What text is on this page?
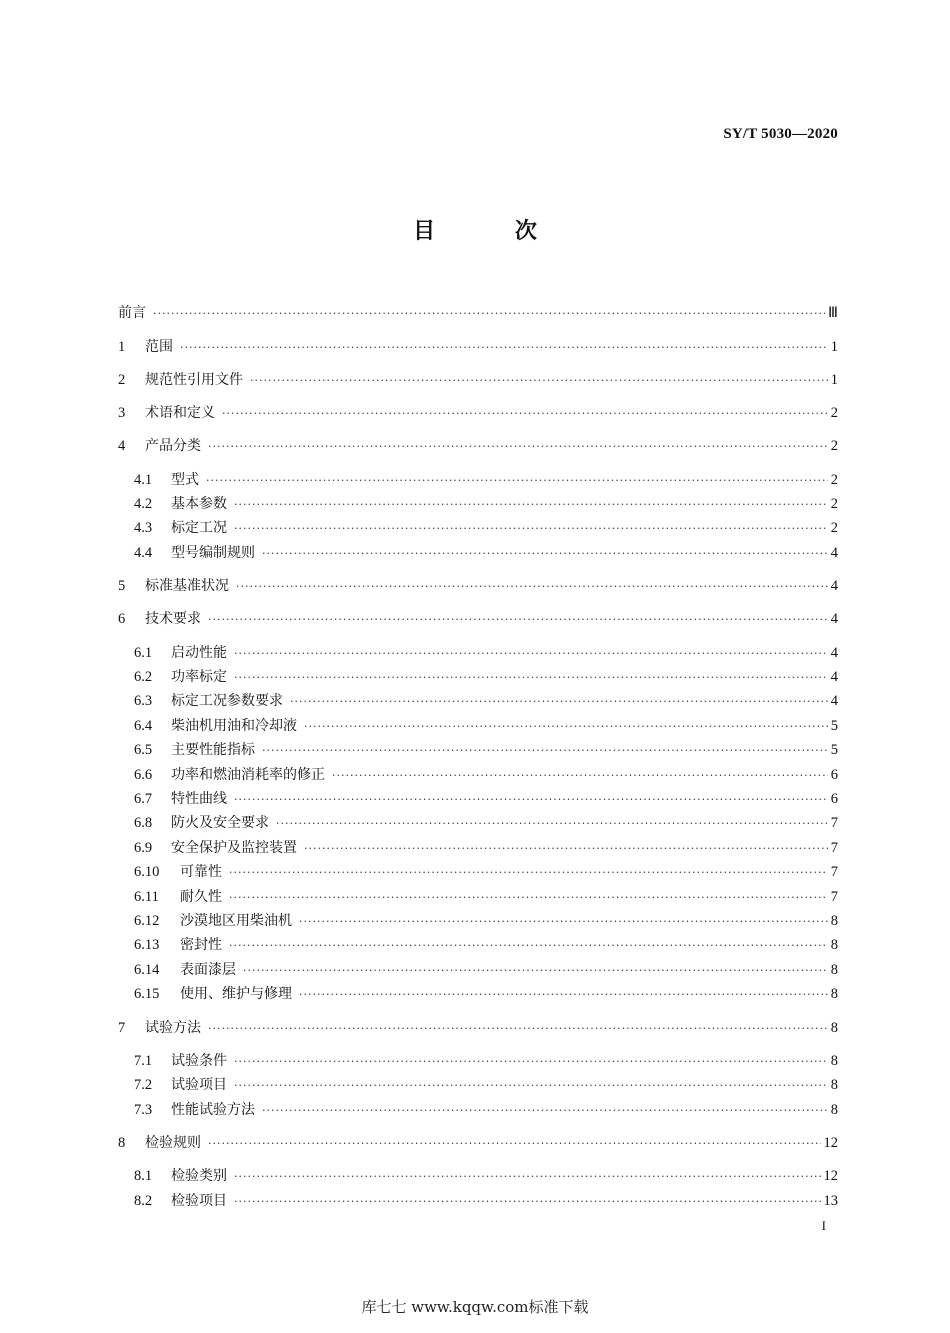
SY/T 5030—2020
目 次
前言 ·····	Ⅲ
1	范围 ·····	1
2	规范性引用文件 ·····	1
3	术语和定义 ·····	2
4	产品分类 ·····	2
4.1	型式 ·····	2
4.2	基本参数 ·····	2
4.3	标定工况 ·····	2
4.4	型号编制规则 ·····	4
5	标准基准状况 ·····	4
6	技术要求 ·····	4
6.1	启动性能 ·····	4
6.2	功率标定 ·····	4
6.3	标定工况参数要求 ·····	4
6.4	柴油机用油和冷却液 ·····	5
6.5	主要性能指标 ·····	5
6.6	功率和燃油消耗率的修正 ·····	6
6.7	特性曲线 ·····	6
6.8	防火及安全要求 ·····	7
6.9	安全保护及监控装置 ·····	7
6.10	可靠性 ·····	7
6.11	耐久性 ·····	7
6.12	沙漠地区用柴油机 ·····	8
6.13	密封性 ·····	8
6.14	表面漆层 ·····	8
6.15	使用、维护与修理 ·····	8
7	试验方法 ·····	8
7.1	试验条件 ·····	8
7.2	试验项目 ·····	8
7.3	性能试验方法 ·····	8
8	检验规则 ·····	12
8.1	检验类别 ·····	12
8.2	检验项目 ·····	13
I
库七七 www.kqqw.com标准下载
